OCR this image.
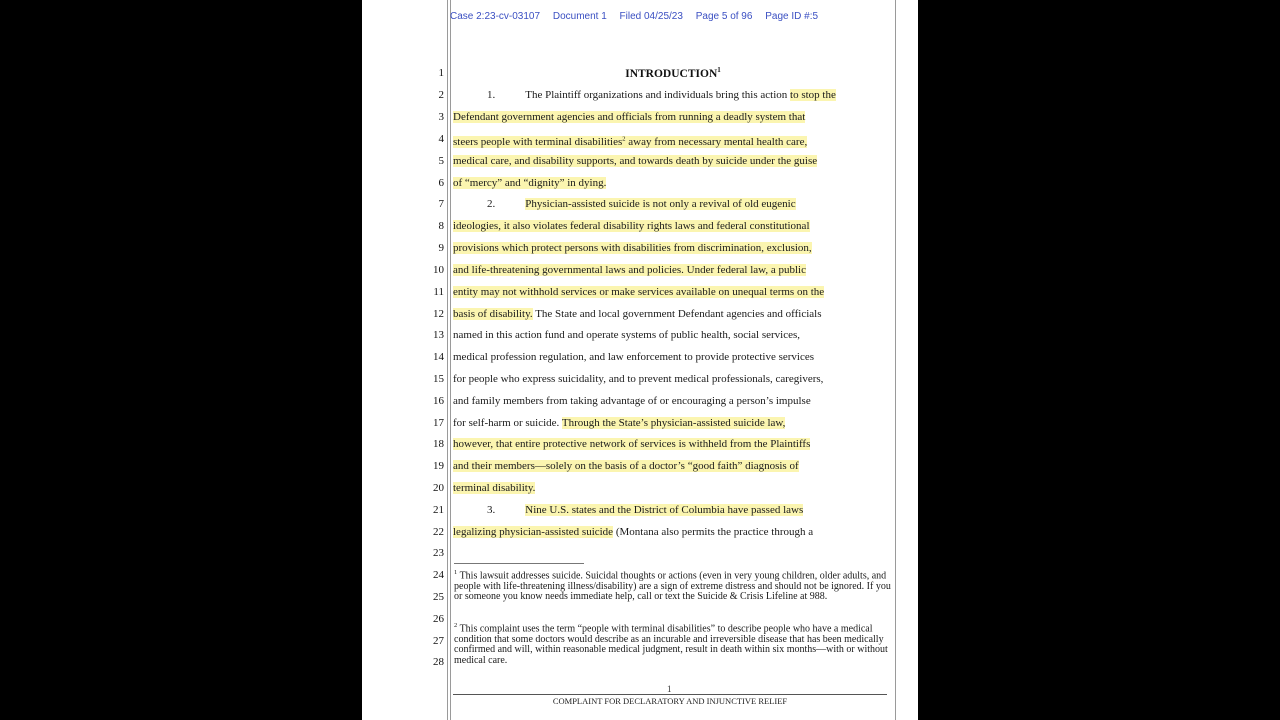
Case 2:23-cv-03107 Document 1 Filed 04/25/23 Page 5 of 96 Page ID #:5
1
2
3
4
5
6
7
8
9
10
11
12
13
14
15
16
17
18
19
20
21
22
23
24
25
26
27
28
INTRODUCTION$^1$
1.	The Plaintiff organizations and individuals bring this action to stop the
Defendant government agencies and officials from running a deadly system that
steers people with terminal disabilities$^2$ away from necessary mental health care,
medical care, and disability supports, and towards death by suicide under the guise
of “mercy” and “dignity” in dying.
2.	Physician-assisted suicide is not only a revival of old eugenic
ideologies, it also violates federal disability rights laws and federal constitutional
provisions which protect persons with disabilities from discrimination, exclusion,
and life-threatening governmental laws and policies. Under federal law, a public
entity may not withhold services or make services available on unequal terms on the
basis of disability. The State and local government Defendant agencies and officials
named in this action fund and operate systems of public health, social services,
medical profession regulation, and law enforcement to provide protective services
for people who express suicidality, and to prevent medical professionals, caregivers,
and family members from taking advantage of or encouraging a person’s impulse
for self-harm or suicide. Through the State’s physician-assisted suicide law,
however, that entire protective network of services is withheld from the Plaintiffs
and their members—solely on the basis of a doctor’s “good faith” diagnosis of
terminal disability.
3.	Nine U.S. states and the District of Columbia have passed laws
legalizing physician-assisted suicide (Montana also permits the practice through a
$^1$ This lawsuit addresses suicide. Suicidal thoughts or actions (even in very young children, older adults, and people with life-threatening illness/disability) are a sign of extreme distress and should not be ignored. If you or someone you know needs immediate help, call or text the Suicide & Crisis Lifeline at 988.
$^2$ This complaint uses the term “people with terminal disabilities” to describe people who have a medical condition that some doctors would describe as an incurable and irreversible disease that has been medically confirmed and will, within reasonable medical judgment, result in death within six months—with or without medical care.
1
COMPLAINT FOR DECLARATORY AND INJUNCTIVE RELIEF
